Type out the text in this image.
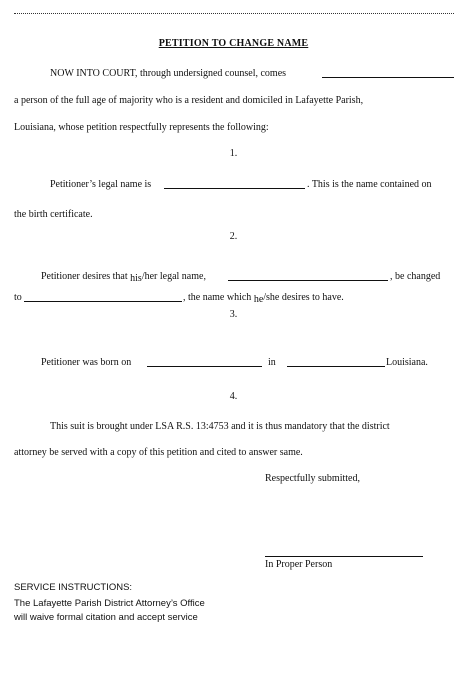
PETITION TO CHANGE NAME
NOW INTO COURT, through undersigned counsel, comes
a person of the full age of majority who is a resident and domiciled in Lafayette Parish,
Louisiana, whose petition respectfully represents the following:
1.
Petitioner’s legal name is	. This is the name contained on
the birth certificate.
2.
Petitioner desires that his/her legal name,	, be changed
to	, the name which he/she desires to have.
3.
Petitioner was born on	in	Louisiana.
4.
This suit is brought under LSA R.S. 13:4753 and it is thus mandatory that the district
attorney be served with a copy of this petition and cited to answer same.
Respectfully submitted,
In Proper Person
SERVICE INSTRUCTIONS:
The Lafayette Parish District Attorney’s Office
will waive formal citation and accept service
